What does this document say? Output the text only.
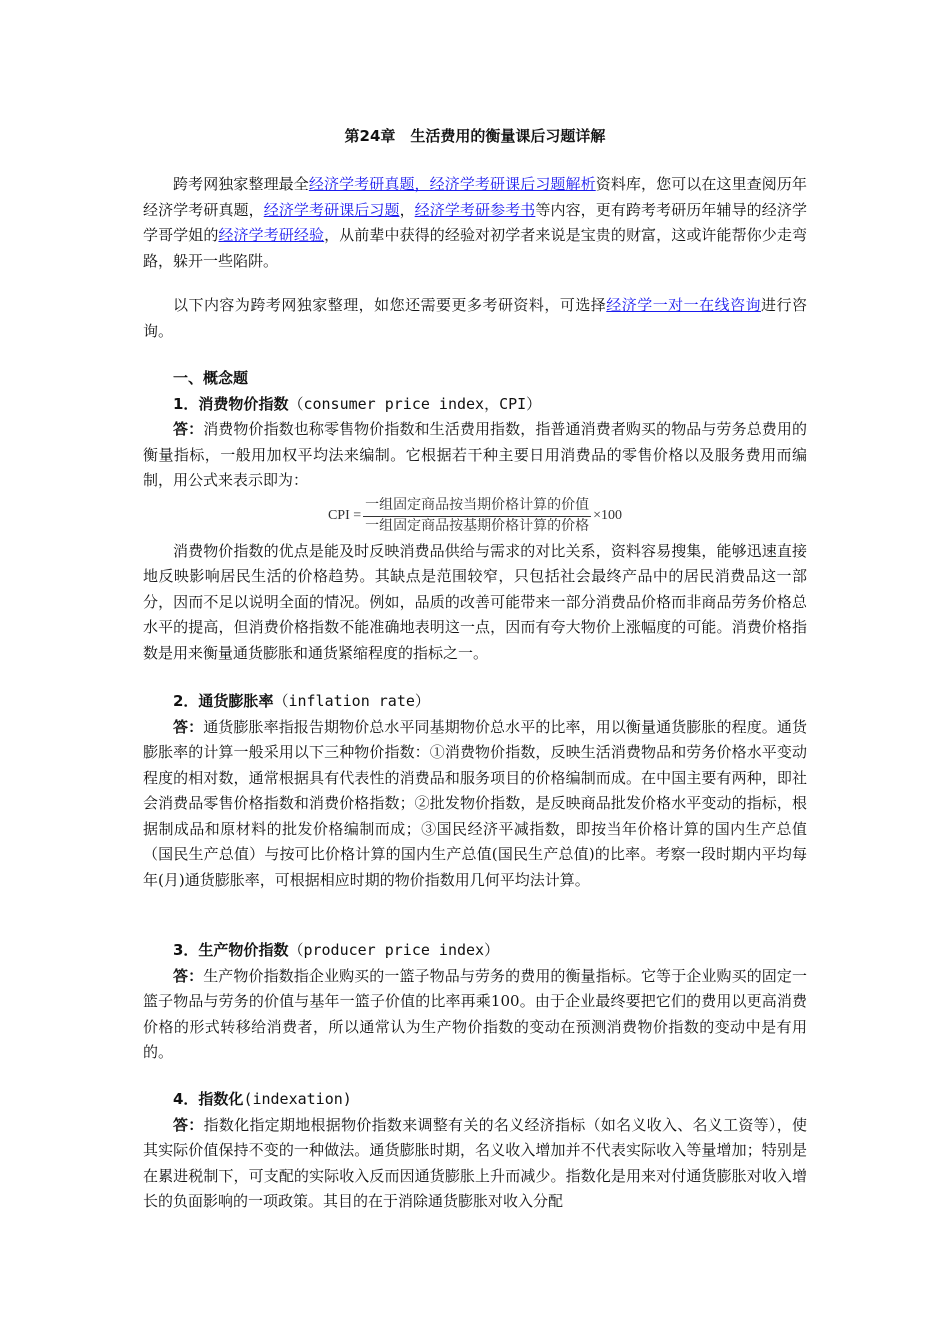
第24章　生活费用的衡量课后习题详解

跨考网独家整理最全经济学考研真题，经济学考研课后习题解析资料库，您可以在这里查阅历年经济学考研真题，经济学考研课后习题，经济学考研参考书等内容，更有跨考考研历年辅导的经济学学哥学姐的经济学考研经验，从前辈中获得的经验对初学者来说是宝贵的财富，这或许能帮你少走弯路，躲开一些陷阱。

以下内容为跨考网独家整理，如您还需要更多考研资料，可选择经济学一对一在线咨询进行咨询。

一、概念题
1．消费物价指数（consumer price index，CPI）

答：消费物价指数也称零售物价指数和生活费用指数，指普通消费者购买的物品与劳务总费用的衡量指标，一般用加权平均法来编制。它根据若干种主要日用消费品的零售价格以及服务费用而编制，用公式来表示即为：

CPI = $\frac{\text{一组固定商品按当期价格计算的价值}}{\text{一组固定商品按基期价格计算的价格}} \times 100$

消费物价指数的优点是能及时反映消费品供给与需求的对比关系，资料容易搜集，能够迅速直接地反映影响居民生活的价格趋势。其缺点是范围较窄，只包括社会最终产品中的居民消费品这一部分，因而不足以说明全面的情况。例如，品质的改善可能带来一部分消费品价格而非商品劳务价格总水平的提高，但消费价格指数不能准确地表明这一点，因而有夸大物价上涨幅度的可能。消费价格指数是用来衡量通货膨胀和通货紧缩程度的指标之一。

2．通货膨胀率（inflation rate）

答：通货膨胀率指报告期物价总水平同基期物价总水平的比率，用以衡量通货膨胀的程度。通货膨胀率的计算一般采用以下三种物价指数：①消费物价指数，反映生活消费物品和劳务价格水平变动程度的相对数，通常根据具有代表性的消费品和服务项目的价格编制而成。在中国主要有两种，即社会消费品零售价格指数和消费价格指数；②批发物价指数，是反映商品批发价格水平变动的指标，根据制成品和原材料的批发价格编制而成；③国民经济平减指数，即按当年价格计算的国内生产总值（国民生产总值）与按可比价格计算的国内生产总值(国民生产总值)的比率。考察一段时期内平均每年(月)通货膨胀率，可根据相应时期的物价指数用几何平均法计算。

3．生产物价指数（producer price index）

答：生产物价指数指企业购买的一篮子物品与劳务的费用的衡量指标。它等于企业购买的固定一篮子物品与劳务的价值与基年一篮子价值的比率再乘100。由于企业最终要把它们的费用以更高消费价格的形式转移给消费者，所以通常认为生产物价指数的变动在预测消费物价指数的变动中是有用的。

4．指数化(indexation)

答：指数化指定期地根据物价指数来调整有关的名义经济指标（如名义收入、名义工资等），使其实际价值保持不变的一种做法。通货膨胀时期，名义收入增加并不代表实际收入等量增加；特别是在累进税制下，可支配的实际收入反而因通货膨胀上升而减少。指数化是用来对付通货膨胀对收入增长的负面影响的一项政策。其目的在于消除通货膨胀对收入分配
